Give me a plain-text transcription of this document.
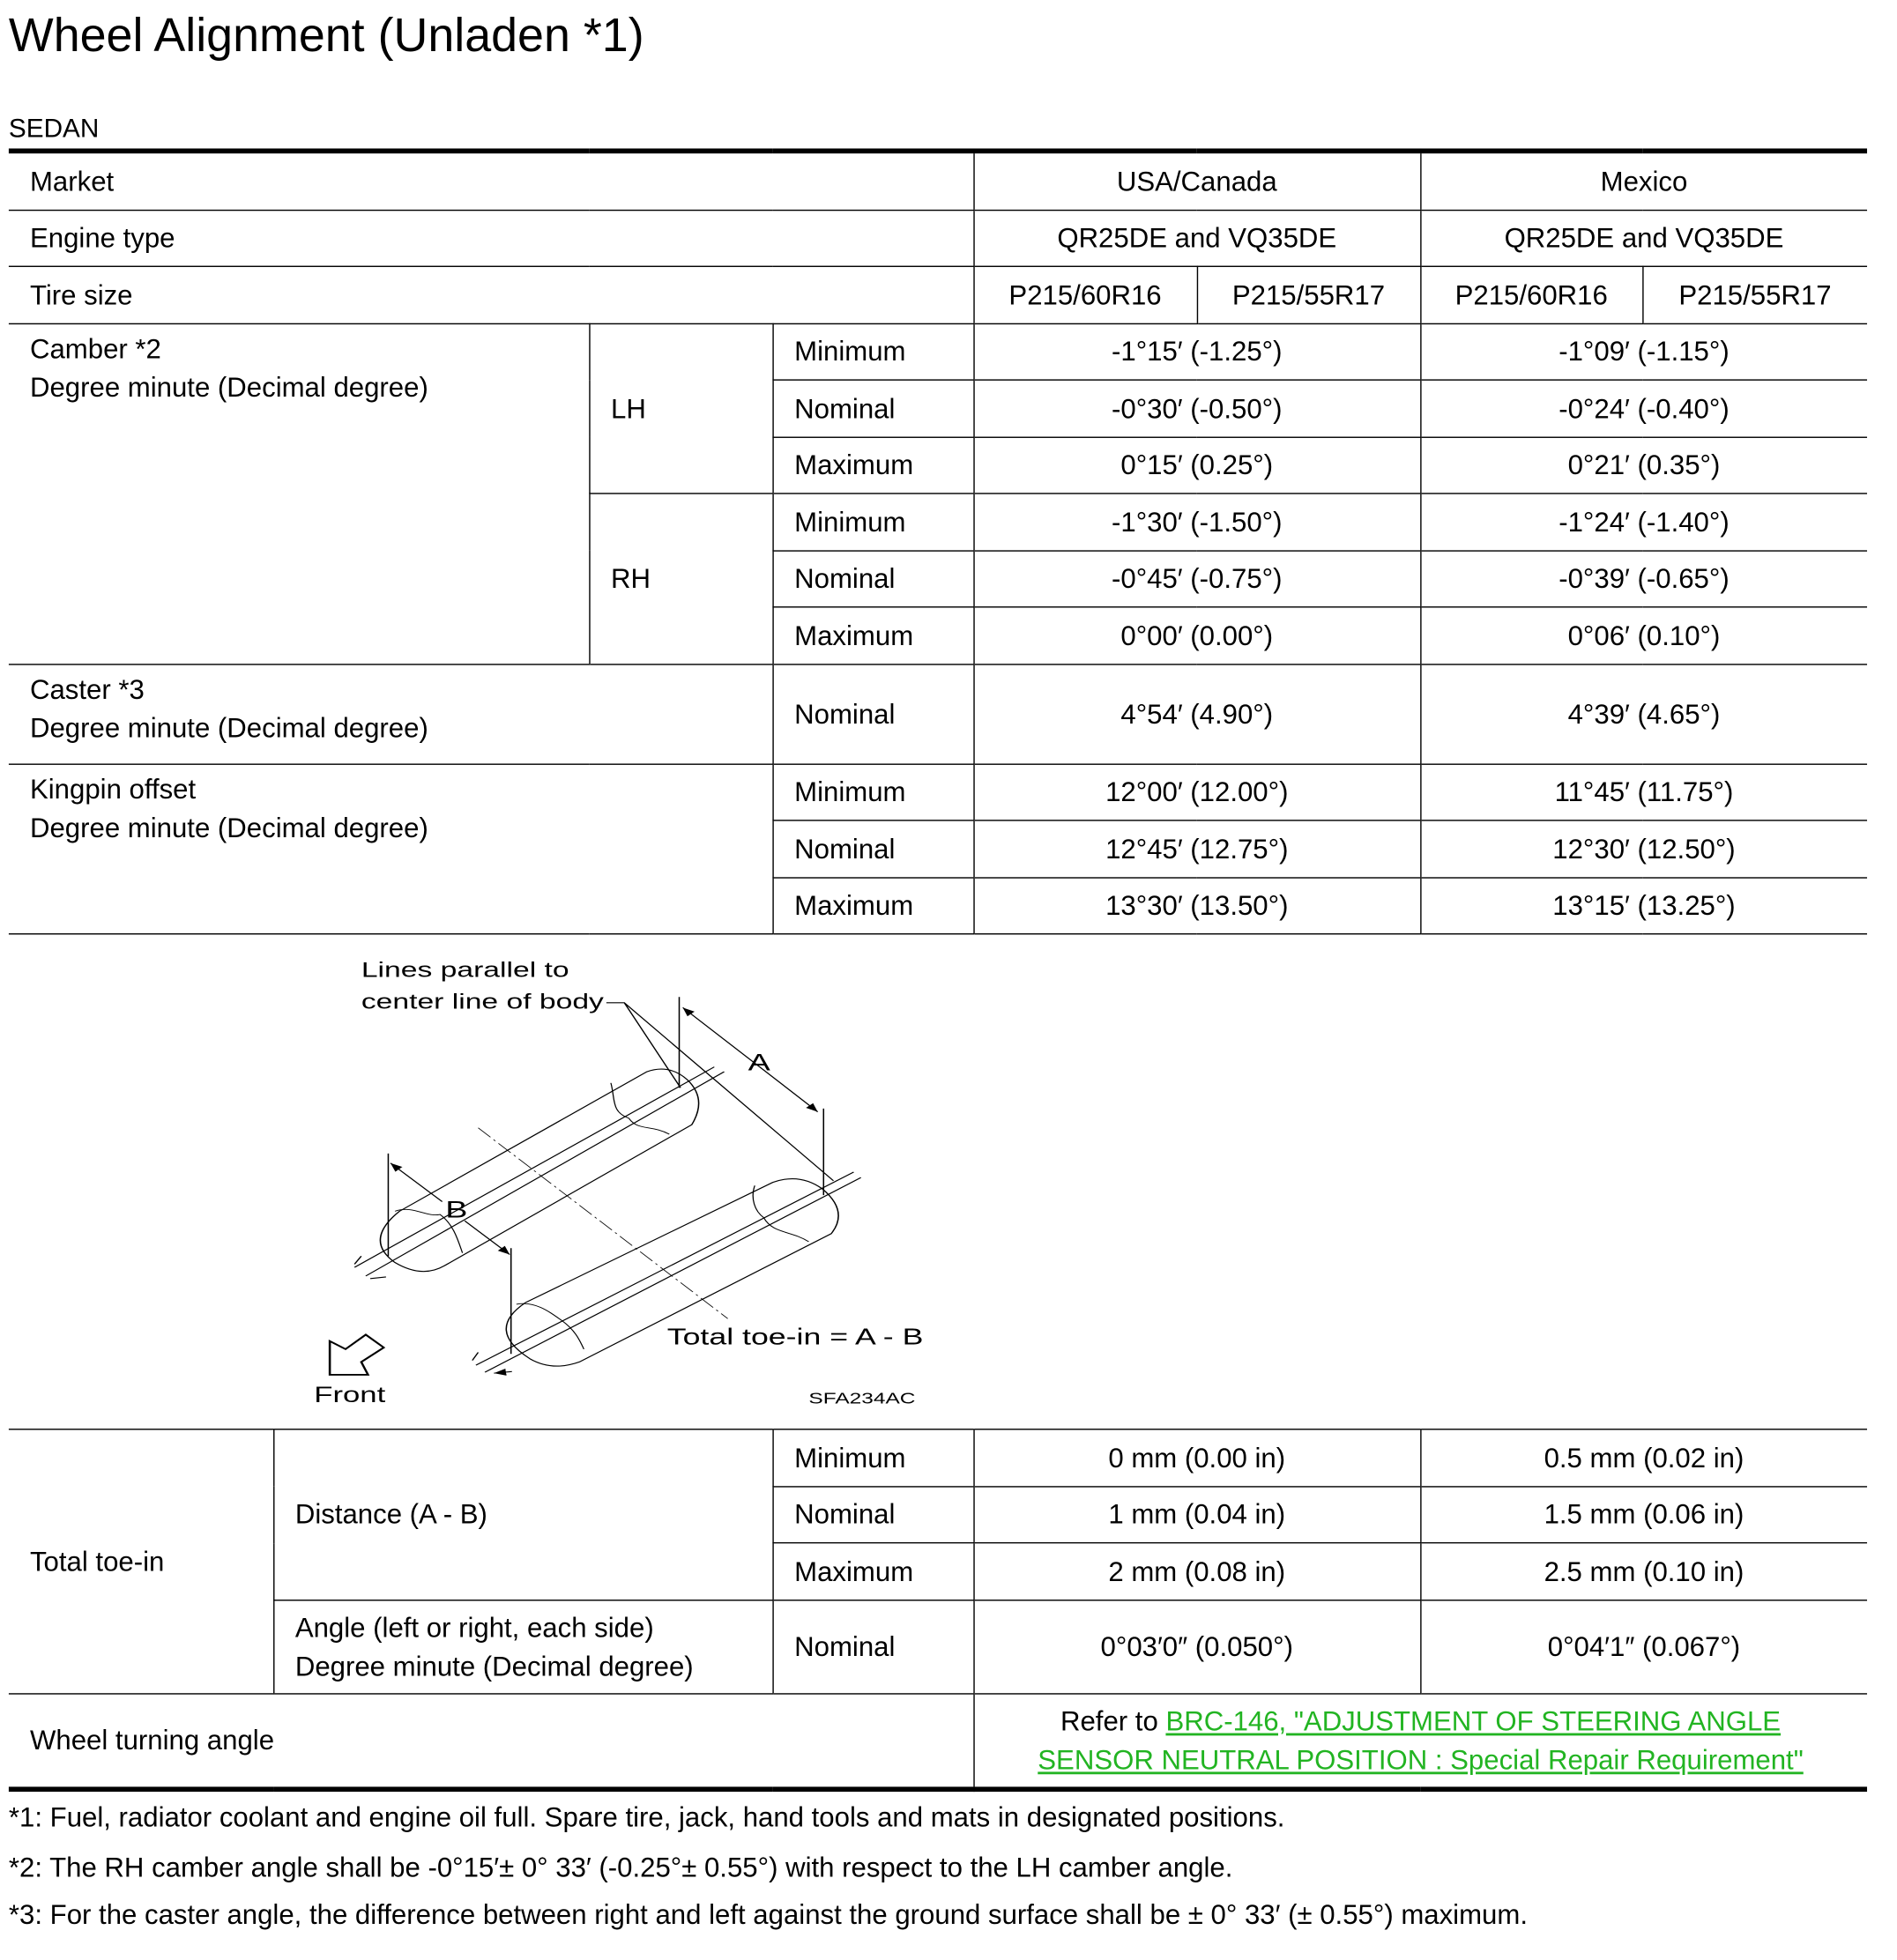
Wheel Alignment (Unladen *1)
SEDAN
Market			USA/Canada		Mexico	
Engine type			QR25DE and VQ35DE		QR25DE and VQ35DE	
Tire size			P215/60R16	P215/55R17	P215/60R16	P215/55R17

Camber *2
Degree minute (Decimal degree)	LH	Minimum	-1°15′ (-1.25°)		-1°09′ (-1.15°)	
		Nominal	-0°30′ (-0.50°)		-0°24′ (-0.40°)	
		Maximum	0°15′ (0.25°)		0°21′ (0.35°)	
	RH	Minimum	-1°30′ (-1.50°)		-1°24′ (-1.40°)	
		Nominal	-0°45′ (-0.75°)		-0°39′ (-0.65°)	
		Maximum	0°00′ (0.00°)		0°06′ (0.10°)	

Caster *3
Degree minute (Decimal degree)		Nominal	4°54′ (4.90°)		4°39′ (4.65°)	

Kingpin offset
Degree minute (Decimal degree)		Minimum	12°00′ (12.00°)		11°45′ (11.75°)	
		Nominal	12°45′ (12.75°)		12°30′ (12.50°)	
		Maximum	13°30′ (13.50°)		13°15′ (13.25°)	
Lines parallel to
center line of body
A
B
Total toe-in = A - B
Front	SFA234AC
Total toe-in	Distance (A - B)	Minimum	0 mm (0.00 in)	0.5 mm (0.02 in)
		Nominal	1 mm (0.04 in)	1.5 mm (0.06 in)
		Maximum	2 mm (0.08 in)	2.5 mm (0.10 in)

	Angle (left or right, each side)
Degree minute (Decimal degree)	Nominal	0°03′0″ (0.050°)	0°04′1″ (0.067°)
Wheel turning angle			Refer to BRC-146, "ADJUSTMENT OF STEERING ANGLE
SENSOR NEUTRAL POSITION : Special Repair Requirement"	
*1: Fuel, radiator coolant and engine oil full. Spare tire, jack, hand tools and mats in designated positions.
*2: The RH camber angle shall be -0°15′± 0° 33′ (-0.25°± 0.55°) with respect to the LH camber angle.
*3: For the caster angle, the difference between right and left against the ground surface shall be ± 0° 33′ (± 0.55°) maximum.
